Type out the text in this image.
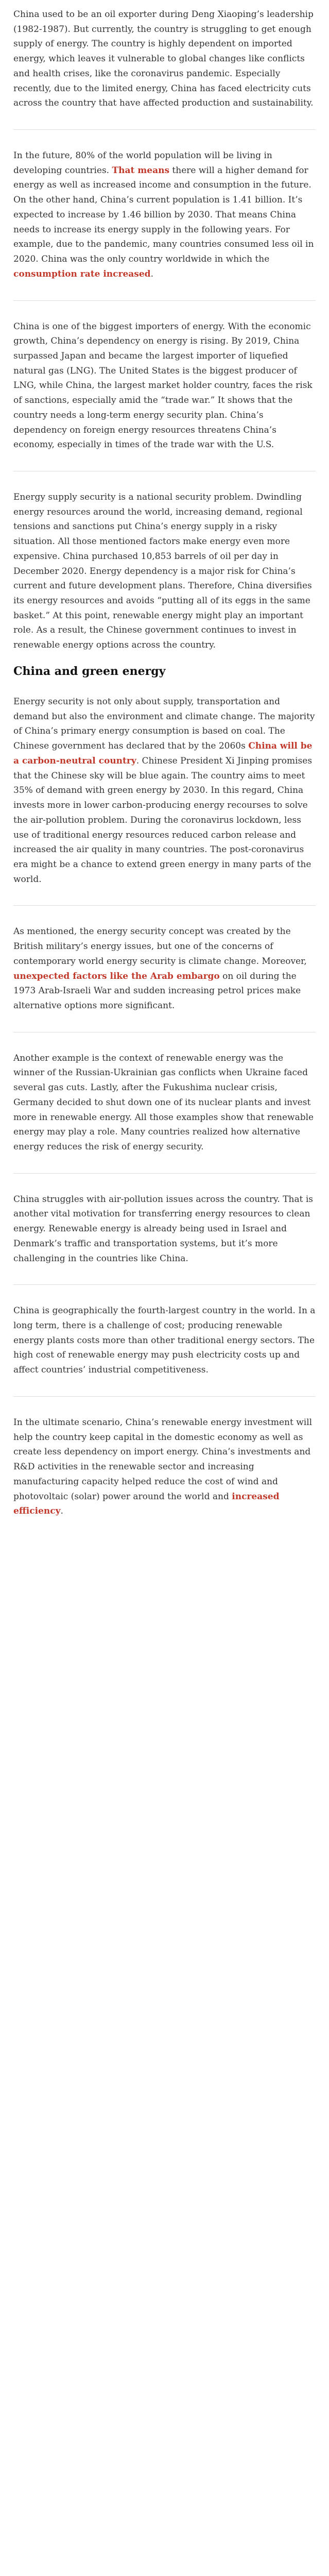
China used to be an oil exporter during Deng Xiaoping’s leadership (1982-1987). But currently, the country is struggling to get enough supply of energy. The country is highly dependent on imported energy, which leaves it vulnerable to global changes like conflicts and health crises, like the coronavirus pandemic. Especially recently, due to the limited energy, China has faced electricity cuts across the country that have affected production and sustainability.

In the future, 80% of the world population will be living in developing countries. That means there will a higher demand for energy as well as increased income and consumption in the future. On the other hand, China’s current population is 1.41 billion. It’s expected to increase by 1.46 billion by 2030. That means China needs to increase its energy supply in the following years. For example, due to the pandemic, many countries consumed less oil in 2020. China was the only country worldwide in which the consumption rate increased.

China is one of the biggest importers of energy. With the economic growth, China’s dependency on energy is rising. By 2019, China surpassed Japan and became the largest importer of liquefied natural gas (LNG). The United States is the biggest producer of LNG, while China, the largest market holder country, faces the risk of sanctions, especially amid the “trade war.” It shows that the country needs a long-term energy security plan. China’s dependency on foreign energy resources threatens China’s economy, especially in times of the trade war with the U.S.

Energy supply security is a national security problem. Dwindling energy resources around the world, increasing demand, regional tensions and sanctions put China’s energy supply in a risky situation. All those mentioned factors make energy even more expensive. China purchased 10,853 barrels of oil per day in December 2020. Energy dependency is a major risk for China’s current and future development plans. Therefore, China diversifies its energy resources and avoids “putting all of its eggs in the same basket.” At this point, renewable energy might play an important role. As a result, the Chinese government continues to invest in renewable energy options across the country.

China and green energy

Energy security is not only about supply, transportation and demand but also the environment and climate change. The majority of China’s primary energy consumption is based on coal. The Chinese government has declared that by the 2060s China will be a carbon-neutral country. Chinese President Xi Jinping promises that the Chinese sky will be blue again. The country aims to meet 35% of demand with green energy by 2030. In this regard, China invests more in lower carbon-producing energy recourses to solve the air-pollution problem. During the coronavirus lockdown, less use of traditional energy resources reduced carbon release and increased the air quality in many countries. The post-coronavirus era might be a chance to extend green energy in many parts of the world.

As mentioned, the energy security concept was created by the British military’s energy issues, but one of the concerns of contemporary world energy security is climate change. Moreover, unexpected factors like the Arab embargo on oil during the 1973 Arab-Israeli War and sudden increasing petrol prices make alternative options more significant.

Another example is the context of renewable energy was the winner of the Russian-Ukrainian gas conflicts when Ukraine faced several gas cuts. Lastly, after the Fukushima nuclear crisis, Germany decided to shut down one of its nuclear plants and invest more in renewable energy. All those examples show that renewable energy may play a role. Many countries realized how alternative energy reduces the risk of energy security.

China struggles with air-pollution issues across the country. That is another vital motivation for transferring energy resources to clean energy. Renewable energy is already being used in Israel and Denmark’s traffic and transportation systems, but it’s more challenging in the countries like China.

China is geographically the fourth-largest country in the world. In a long term, there is a challenge of cost; producing renewable energy plants costs more than other traditional energy sectors. The high cost of renewable energy may push electricity costs up and affect countries’ industrial competitiveness.

In the ultimate scenario, China’s renewable energy investment will help the country keep capital in the domestic economy as well as create less dependency on import energy. China’s investments and R&D activities in the renewable sector and increasing manufacturing capacity helped reduce the cost of wind and photovoltaic (solar) power around the world and increased efficiency.
